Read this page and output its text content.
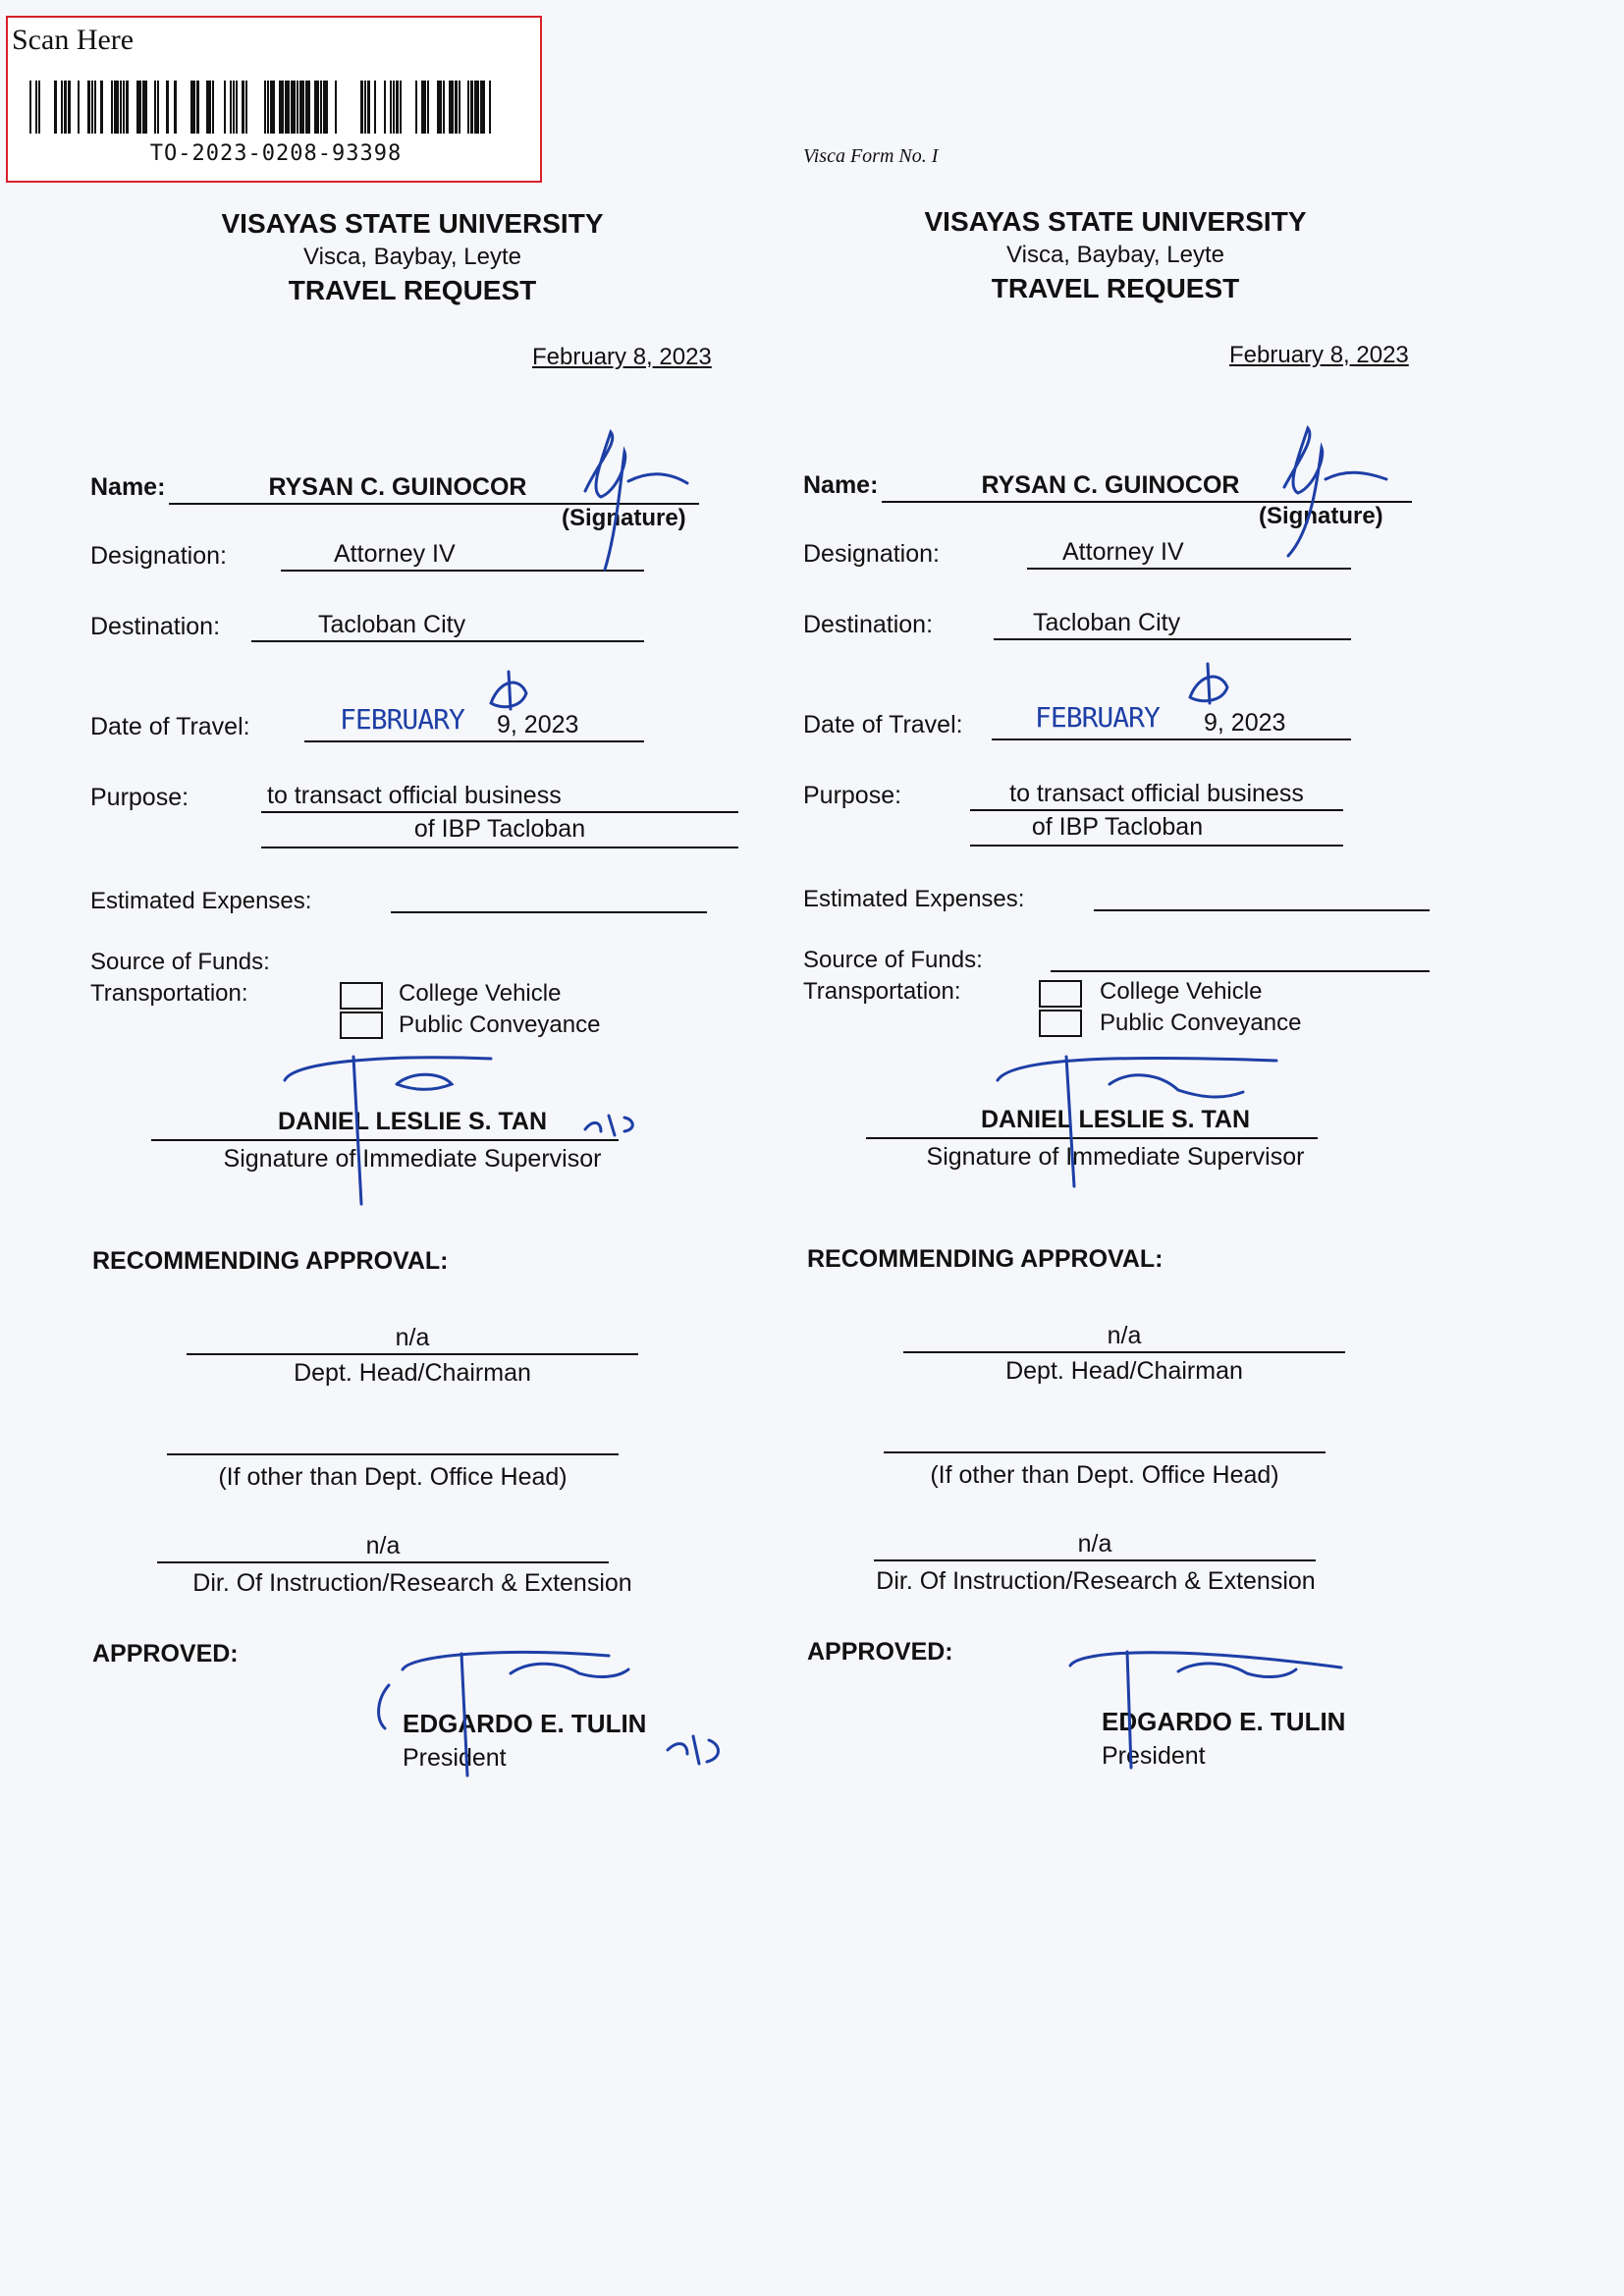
Scan Here
TO-2023-0208-93398	Visca Form No. I
VISAYAS STATE UNIVERSITY
Visca, Baybay, Leyte
TRAVEL REQUEST
February 8, 2023
Name:	RYSAN C. GUINOCOR
(Signature)
Designation:	Attorney IV
Destination:	Tacloban City
Date of Travel:	FEBRUARY 9, 2023
Purpose:	to transact official business
of IBP Tacloban
Estimated Expenses:
Source of Funds:
Transportation:	College Vehicle
Public Conveyance
DANIEL LESLIE S. TAN
Signature of Immediate Supervisor
RECOMMENDING APPROVAL:
n/a
Dept. Head/Chairman
(If other than Dept. Office Head)
n/a
Dir. Of Instruction/Research & Extension
APPROVED:
EDGARDO E. TULIN
President
VISAYAS STATE UNIVERSITY
Visca, Baybay, Leyte
TRAVEL REQUEST
February 8, 2023
Name:	RYSAN C. GUINOCOR
(Signature)
Designation:	Attorney IV
Destination:	Tacloban City
Date of Travel:	FEBRUARY 9, 2023
Purpose:	to transact official business
of IBP Tacloban
Estimated Expenses:
Source of Funds:
Transportation:	College Vehicle
Public Conveyance
DANIEL LESLIE S. TAN
Signature of Immediate Supervisor
RECOMMENDING APPROVAL:
n/a
Dept. Head/Chairman
(If other than Dept. Office Head)
n/a
Dir. Of Instruction/Research & Extension
APPROVED:
EDGARDO E. TULIN
President
